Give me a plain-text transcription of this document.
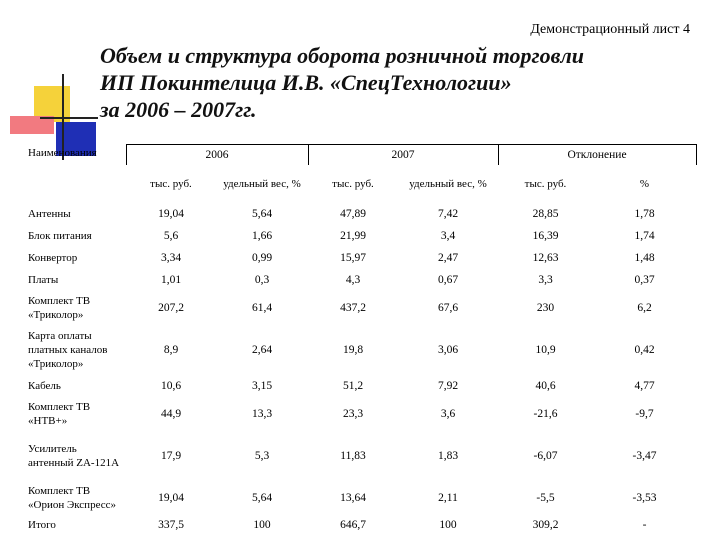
Демонстрационный лист 4
Объем и структура оборота розничной торговли
ИП Покинтелица И.В. «СпецТехнологии»
за 2006 – 2007гг.
Наименования	2006		2007		Отклонение	
	тыс. руб.	удельный вес, %	тыс. руб.	удельный вес, %	тыс. руб.	%
Антенны	19,04	5,64	47,89	7,42	28,85	1,78
Блок питания	5,6	1,66	21,99	3,4	16,39	1,74
Конвертор	3,34	0,99	15,97	2,47	12,63	1,48
Платы	1,01	0,3	4,3	0,67	3,3	0,37
Комплект ТВ «Триколор»	207,2	61,4	437,2	67,6	230	6,2
Карта оплаты платных каналов «Триколор»	8,9	2,64	19,8	3,06	10,9	0,42
Кабель	10,6	3,15	51,2	7,92	40,6	4,77
Комплект ТВ «НТВ+»	44,9	13,3	23,3	3,6	-21,6	-9,7
Усилитель антенный ZA-121A	17,9	5,3	11,83	1,83	-6,07	-3,47
Комплект ТВ «Орион Экспресс»	19,04	5,64	13,64	2,11	-5,5	-3,53
Итого	337,5	100	646,7	100	309,2	-
